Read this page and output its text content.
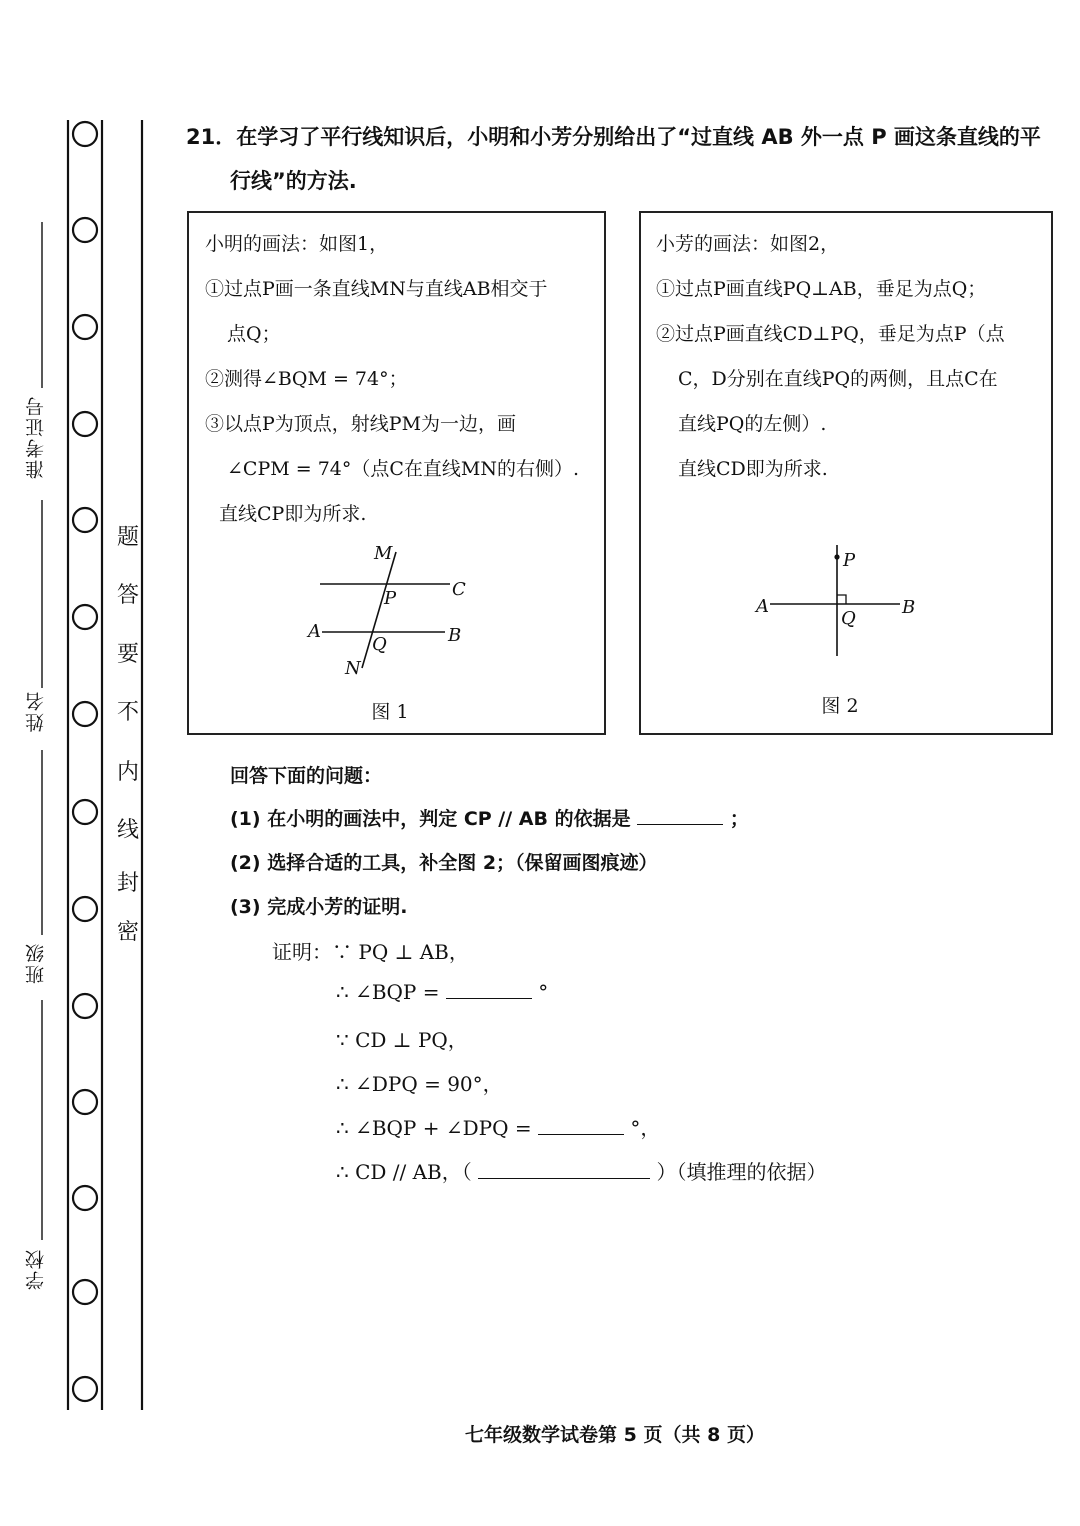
准考证号
姓名
班级
学校
密
封
线
内
不
要
答
题
21．在学习了平行线知识后，小明和小芳分别给出了“过直线 AB 外一点 P 画这条直线的平
行线”的方法.
小明的画法：如图1，
①过点P画一条直线MN与直线AB相交于
点Q；
②测得∠BQM = 74°；
③以点P为顶点，射线PM为一边，画
∠CPM = 74°（点C在直线MN的右侧）.
直线CP即为所求.
M
P	C
A
Q	B
N
图 1
小芳的画法：如图2，
①过点P画直线PQ⊥AB，垂足为点Q；
②过点P画直线CD⊥PQ，垂足为点P（点
C，D分别在直线PQ的两侧，且点C在
直线PQ的左侧）.
直线CD即为所求.
P
A
Q
B
图 2
回答下面的问题：
(1) 在小明的画法中，判定 CP // AB 的依据是	；
(2) 选择合适的工具，补全图 2；（保留画图痕迹）
(3) 完成小芳的证明.
证明：∵ PQ ⊥ AB，
∴ ∠BQP =	°
∵ CD ⊥ PQ，
∴ ∠DPQ = 90°，
∴ ∠BQP + ∠DPQ =	°，
∴ CD // AB，（	）（填推理的依据）
七年级数学试卷第 5 页（共 8 页）
